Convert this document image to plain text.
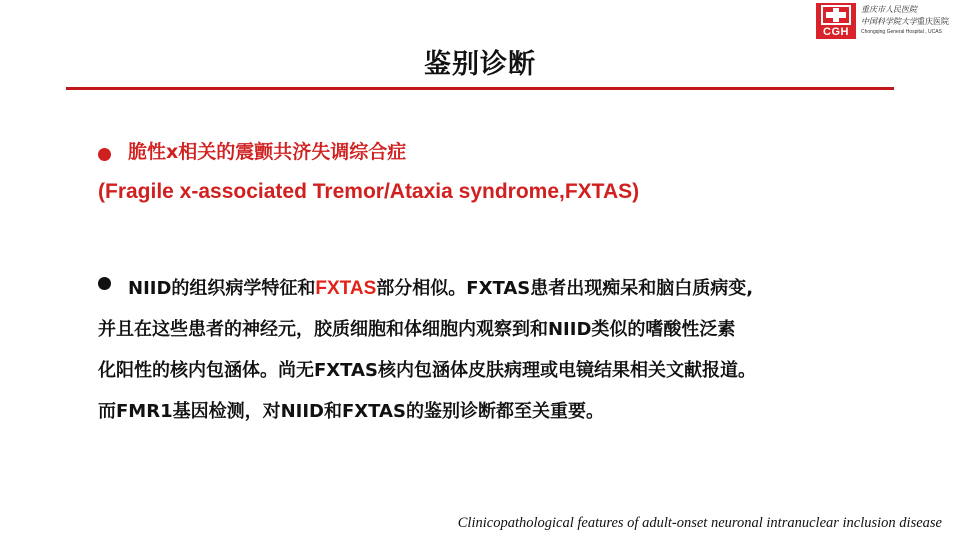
CGH
重庆市人民医院
中国科学院大学重庆医院
Chongqing General Hospital , UCAS
鉴别诊断
脆性x相关的震颤共济失调综合症
(Fragile x-associated Tremor/Ataxia syndrome,FXTAS)
NIID的组织病学特征和FXTAS部分相似。FXTAS患者出现痴呆和脑白质病变,
并且在这些患者的神经元，胶质细胞和体细胞内观察到和NIID类似的嗜酸性泛素
化阳性的核内包涵体。尚无FXTAS核内包涵体皮肤病理或电镜结果相关文献报道。
而FMR1基因检测，对NIID和FXTAS的鉴别诊断都至关重要。
Clinicopathological features of adult-onset neuronal intranuclear inclusion disease
